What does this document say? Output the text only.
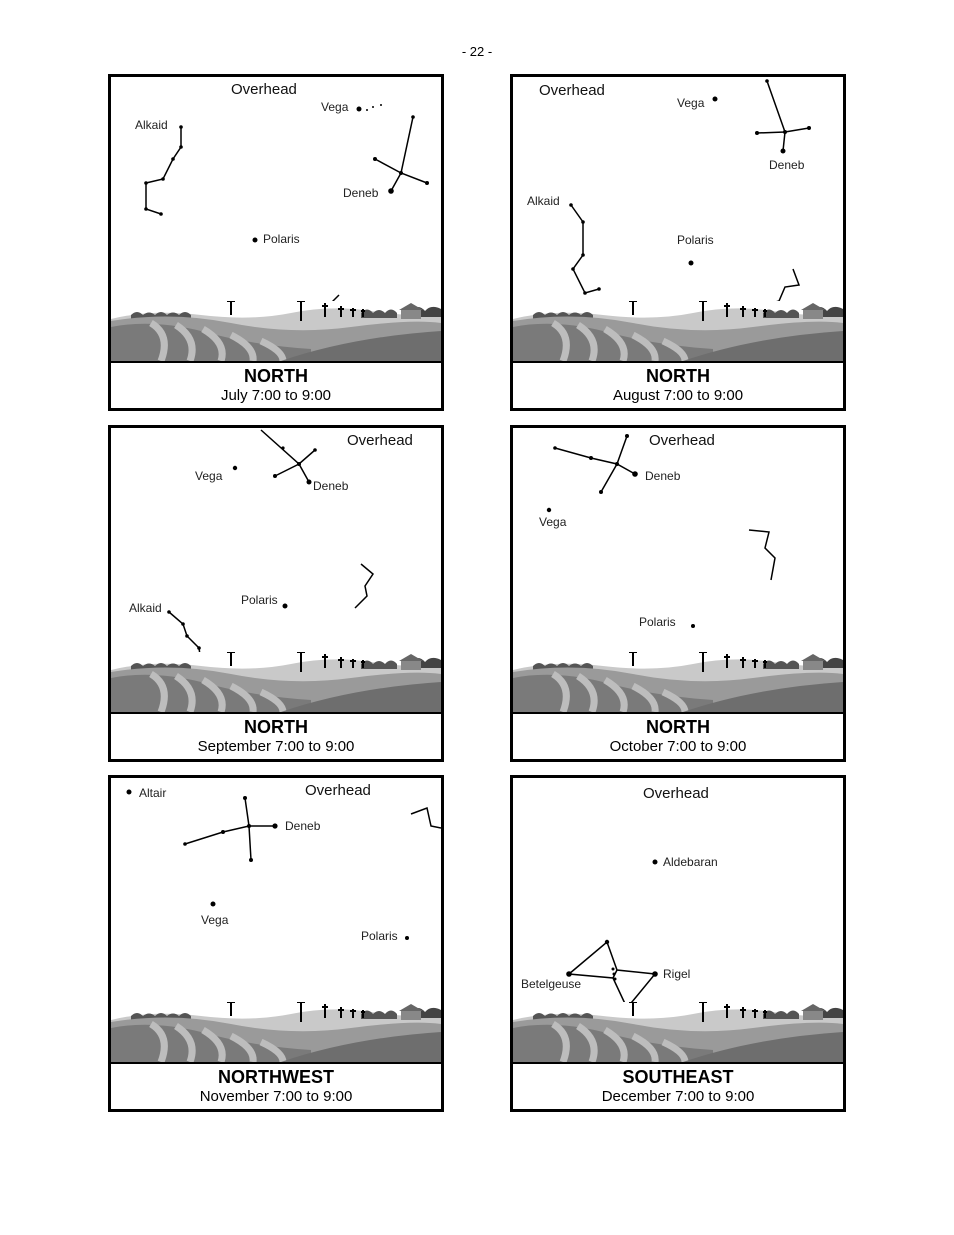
- 22 -
Overhead
Vega
Alkaid
Deneb
Polaris
NORTH
July 7:00 to 9:00
Overhead
Vega
Deneb
Alkaid
Polaris
NORTH
August 7:00 to 9:00
Overhead
Deneb
Vega
Polaris
Alkaid
NORTH
September 7:00 to 9:00
Overhead
Deneb
Vega
Polaris
NORTH
October 7:00 to 9:00
Altair	Overhead
Deneb
Vega
Polaris
NORTHWEST
November 7:00 to 9:00
Overhead
Aldebaran
Betelgeuse
Rigel
SOUTHEAST
December 7:00 to 9:00
